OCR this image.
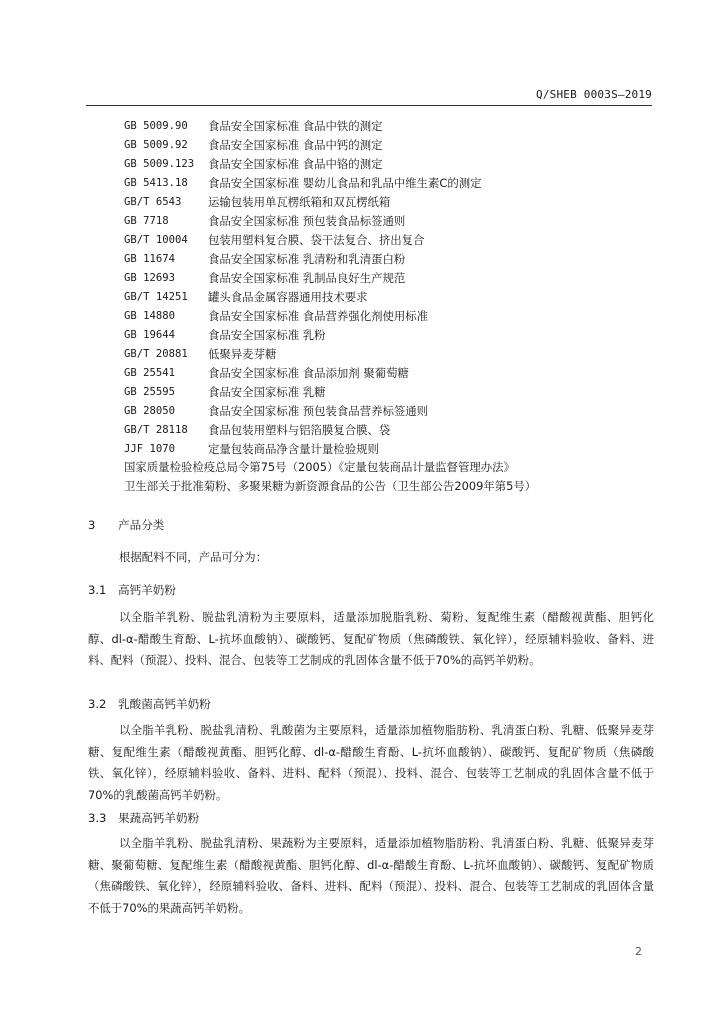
Q/SHEB 0003S—2019
GB 5009.90	食品安全国家标准 食品中铁的测定
GB 5009.92	食品安全国家标准 食品中钙的测定
GB 5009.123	食品安全国家标准 食品中铬的测定
GB 5413.18	食品安全国家标准 婴幼儿食品和乳品中维生素C的测定
GB/T 6543	运输包装用单瓦楞纸箱和双瓦楞纸箱
GB 7718	食品安全国家标准 预包装食品标签通则
GB/T 10004	包装用塑料复合膜、袋干法复合、挤出复合
GB 11674	食品安全国家标准 乳清粉和乳清蛋白粉
GB 12693	食品安全国家标准 乳制品良好生产规范
GB/T 14251	罐头食品金属容器通用技术要求
GB 14880	食品安全国家标准 食品营养强化剂使用标准
GB 19644	食品安全国家标准 乳粉
GB/T 20881	低聚异麦芽糖
GB 25541	食品安全国家标准 食品添加剂 聚葡萄糖
GB 25595	食品安全国家标准 乳糖
GB 28050	食品安全国家标准 预包装食品营养标签通则
GB/T 28118	食品包装用塑料与铝箔膜复合膜、袋
JJF 1070	定量包装商品净含量计量检验规则
国家质量检验检疫总局令第75号（2005）《定量包装商品计量监督管理办法》
卫生部关于批准菊粉、多聚果糖为新资源食品的公告（卫生部公告2009年第5号）
3 产品分类
根据配料不同，产品可分为：
3.1 高钙羊奶粉
以全脂羊乳粉、脱盐乳清粉为主要原料，适量添加脱脂乳粉、菊粉、复配维生素（醋酸视黄酯、胆钙化醇、dl-α-醋酸生育酚、L-抗坏血酸钠）、碳酸钙、复配矿物质（焦磷酸铁、氧化锌），经原辅料验收、备料、进料、配料（预混）、投料、混合、包装等工艺制成的乳固体含量不低于70%的高钙羊奶粉。
3.2 乳酸菌高钙羊奶粉
以全脂羊乳粉、脱盐乳清粉、乳酸菌为主要原料，适量添加植物脂肪粉、乳清蛋白粉、乳糖、低聚异麦芽糖、复配维生素（醋酸视黄酯、胆钙化醇、dl-α-醋酸生育酚、L-抗坏血酸钠）、碳酸钙、复配矿物质（焦磷酸铁、氧化锌），经原辅料验收、备料、进料、配料（预混）、投料、混合、包装等工艺制成的乳固体含量不低于70%的乳酸菌高钙羊奶粉。
3.3 果蔬高钙羊奶粉
以全脂羊乳粉、脱盐乳清粉、果蔬粉为主要原料，适量添加植物脂肪粉、乳清蛋白粉、乳糖、低聚异麦芽糖、聚葡萄糖、复配维生素（醋酸视黄酯、胆钙化醇、dl-α-醋酸生育酚、L-抗坏血酸钠）、碳酸钙、复配矿物质（焦磷酸铁、氧化锌），经原辅料验收、备料、进料、配料（预混）、投料、混合、包装等工艺制成的乳固体含量不低于70%的果蔬高钙羊奶粉。
2
